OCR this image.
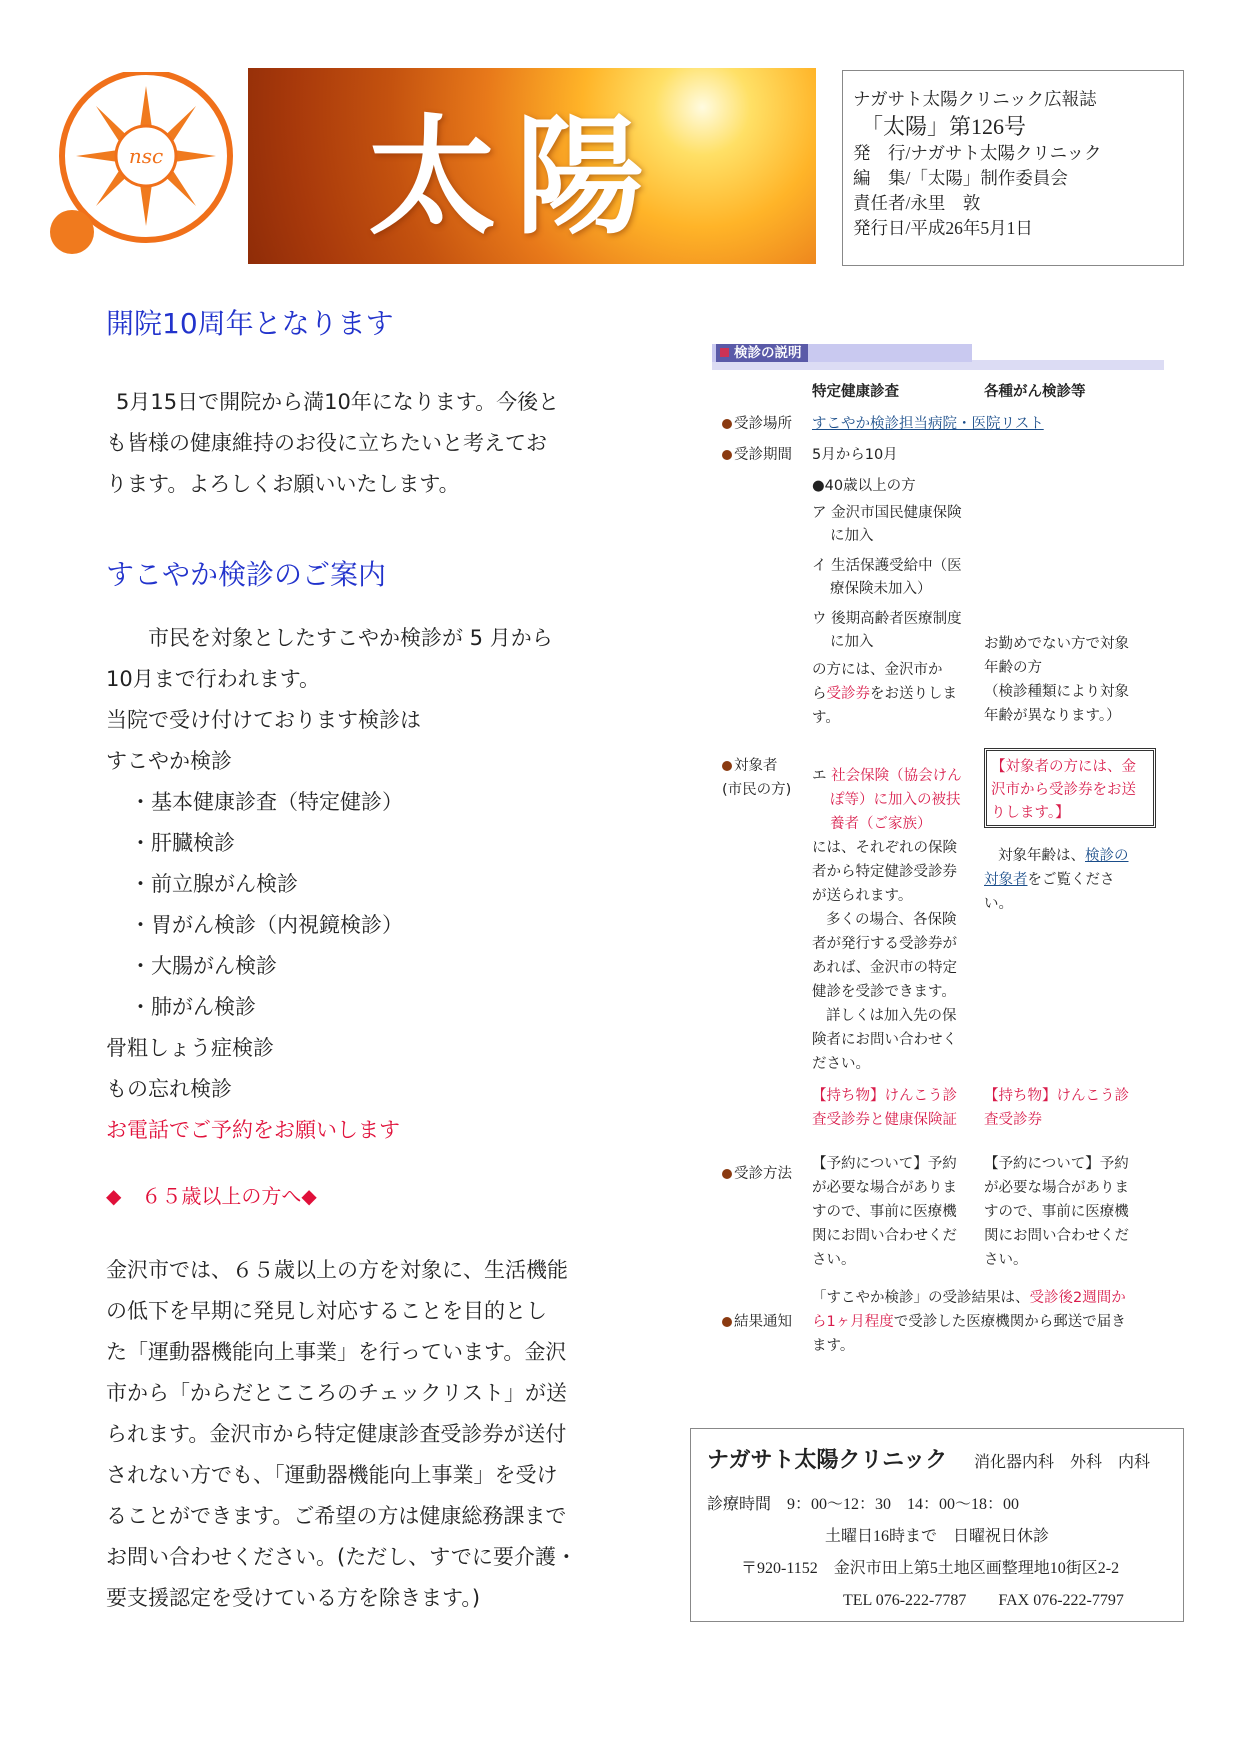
nsc 太陽
ナガサト太陽クリニック広報誌
「太陽」第126号
発　行/ナガサト太陽クリニック
編　集/「太陽」制作委員会
責任者/永里　敦
発行日/平成26年5月1日
開院10周年となります
5月15日で開院から満10年になります。今後と
も皆様の健康維持のお役に立ちたいと考えてお
ります。よろしくお願いいたします。
すこやか検診のご案内
市民を対象としたすこやか検診が 5 月から
10月まで行われます。
当院で受け付けております検診は
すこやか検診
・基本健康診査（特定健診）
・肝臓検診
・前立腺がん検診
・胃がん検診（内視鏡検診）
・大腸がん検診
・肺がん検診
骨粗しょう症検診
もの忘れ検診
お電話でご予約をお願いします
◆　６５歳以上の方へ◆
金沢市では、６５歳以上の方を対象に、生活機能
の低下を早期に発見し対応することを目的とし
た「運動器機能向上事業」を行っています。金沢
市から「からだとこころのチェックリスト」が送
られます。金沢市から特定健康診査受診券が送付
されない方でも、「運動器機能向上事業」を受け
ることができます。ご希望の方は健康総務課まで
お問い合わせください。(ただし、すでに要介護・
要支援認定を受けている方を除きます。)
検診の説明
特定健康診査	各種がん検診等
受診場所 すこやか検診担当病院・医院リスト
受診期間 5月から10月
●40歳以上の方
ア 金沢市国民健康保険
に加入
イ 生活保護受給中（医
療保険未加入）
ウ 後期高齢者医療制度
に加入
の方には、金沢市か
ら受診券をお送りしま
す。
お勤めでない方で対象
年齢の方
（検診種類により対象
年齢が異なります。）
対象者
(市民の方)
エ 社会保険（協会けん
ぽ等）に加入の被扶
養者（ご家族）
【対象者の方には、金
沢市から受診券をお送
りします。】
には、それぞれの保険
者から特定健診受診券
が送られます。
多くの場合、各保険
者が発行する受診券が
あれば、金沢市の特定
健診を受診できます。
詳しくは加入先の保
険者にお問い合わせく
ださい。
対象年齢は、検診の
対象者をご覧くださ
い。
【持ち物】けんこう診
査受診券と健康保険証
【持ち物】けんこう診
査受診券
受診方法
【予約について】予約
が必要な場合がありま
すので、事前に医療機
関にお問い合わせくだ
さい。
【予約について】予約
が必要な場合がありま
すので、事前に医療機
関にお問い合わせくだ
さい。
結果通知
「すこやか検診」の受診結果は、受診後2週間か
ら1ヶ月程度で受診した医療機関から郵送で届き
ます。
ナガサト太陽クリニック 消化器内科　外科　内科
診療時間　9：00〜12：30　14：00〜18：00
土曜日16時まで　日曜祝日休診
〒920-1152　金沢市田上第5土地区画整理地10街区2-2
TEL 076-222-7787　　FAX 076-222-7797
